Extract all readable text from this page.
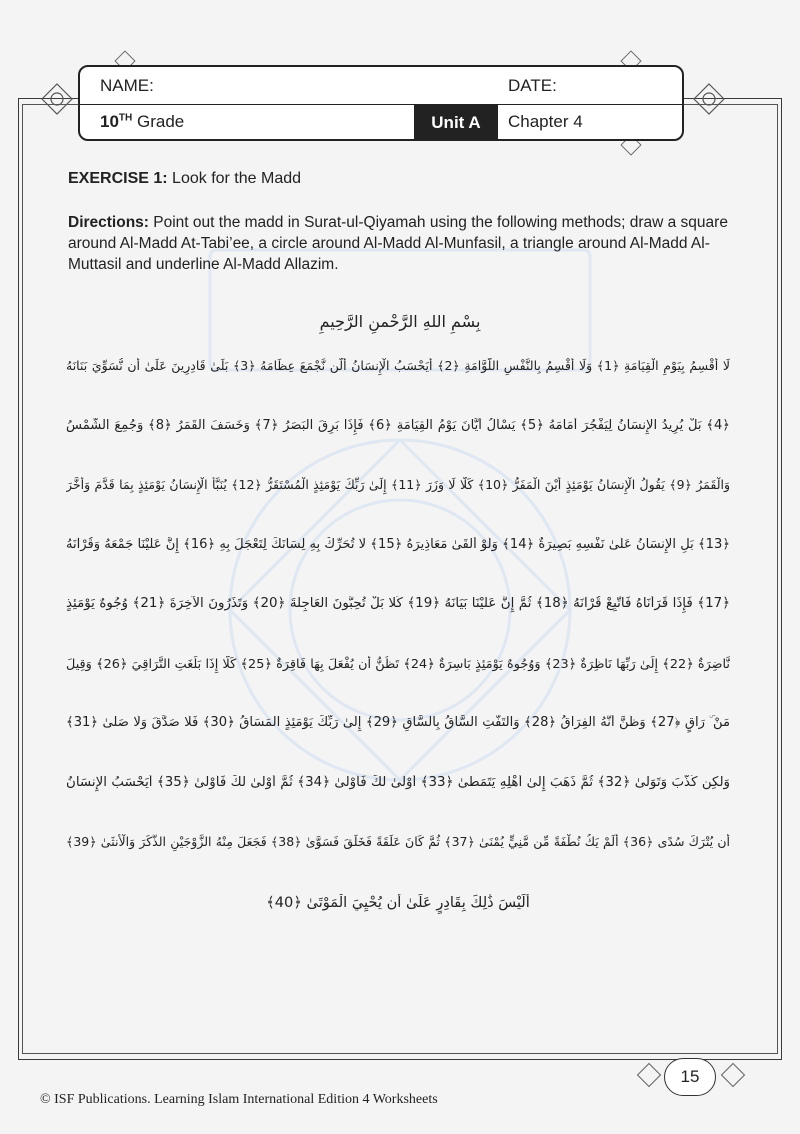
NAME:	DATE:
10TH Grade	Unit A	Chapter 4
EXERCISE 1: Look for the Madd
Directions: Point out the madd in Surat-ul-Qiyamah using the following methods; draw a square around Al-Madd At-Tabi’ee, a circle around Al-Madd Al-Munfasil, a triangle around Al-Madd Al-Muttasil and underline Al-Madd Allazim.
بِسْمِ اللهِ الرَّحْمنِ الرَّحِيمِ
لَا أُقْسِمُ بِيَوْمِ الْقِيَامَةِ ﴿1﴾ وَلَا أُقْسِمُ بِالنَّفْسِ اللَّوَّامَةِ ﴿2﴾ أَيَحْسَبُ الْإِنسَانُ أَلَّن نَّجْمَعَ عِظَامَهُ ﴿3﴾ بَلَىٰ قَادِرِينَ عَلَىٰ أَن نُّسَوِّيَ بَنَانَهُ
﴿4﴾ بَلْ يُرِيدُ الْإِنسَانُ لِيَفْجُرَ أَمَامَهُ ﴿5﴾ يَسْأَلُ أَيَّانَ يَوْمُ الْقِيَامَةِ ﴿6﴾ فَإِذَا بَرِقَ الْبَصَرُ ﴿7﴾ وَخَسَفَ الْقَمَرُ ﴿8﴾ وَجُمِعَ الشَّمْسُ
وَالْقَمَرُ ﴿9﴾ يَقُولُ الْإِنسَانُ يَوْمَئِذٍ أَيْنَ الْمَفَرُّ ﴿10﴾ كَلَّا لَا وَزَرَ ﴿11﴾ إِلَىٰ رَبِّكَ يَوْمَئِذٍ الْمُسْتَقَرُّ ﴿12﴾ يُنَبَّأُ الْإِنسَانُ يَوْمَئِذٍ بِمَا قَدَّمَ وَأَخَّرَ
﴿13﴾ بَلِ الْإِنسَانُ عَلَىٰ نَفْسِهِ بَصِيرَةٌ ﴿14﴾ وَلَوْ أَلْقَىٰ مَعَاذِيرَهُ ﴿15﴾ لَا تُحَرِّكْ بِهِ لِسَانَكَ لِتَعْجَلَ بِهِ ﴿16﴾ إِنَّ عَلَيْنَا جَمْعَهُ وَقُرْآنَهُ
﴿17﴾ فَإِذَا قَرَأْنَاهُ فَاتَّبِعْ قُرْآنَهُ ﴿18﴾ ثُمَّ إِنَّ عَلَيْنَا بَيَانَهُ ﴿19﴾ كَلَّا بَلْ تُحِبُّونَ الْعَاجِلَةَ ﴿20﴾ وَتَذَرُونَ الْآخِرَةَ ﴿21﴾ وُجُوهٌ يَوْمَئِذٍ
نَّاضِرَةٌ ﴿22﴾ إِلَىٰ رَبِّهَا نَاظِرَةٌ ﴿23﴾ وَوُجُوهٌ يَوْمَئِذٍ بَاسِرَةٌ ﴿24﴾ تَظُنُّ أَن يُفْعَلَ بِهَا فَاقِرَةٌ ﴿25﴾ كَلَّا إِذَا بَلَغَتِ التَّرَاقِيَ ﴿26﴾ وَقِيلَ
مَنْ ۜ رَاقٍ ﴿27﴾ وَظَنَّ أَنَّهُ الْفِرَاقُ ﴿28﴾ وَالْتَفَّتِ السَّاقُ بِالسَّاقِ ﴿29﴾ إِلَىٰ رَبِّكَ يَوْمَئِذٍ الْمَسَاقُ ﴿30﴾ فَلَا صَدَّقَ وَلَا صَلَّىٰ ﴿31﴾
وَلَٰكِن كَذَّبَ وَتَوَلَّىٰ ﴿32﴾ ثُمَّ ذَهَبَ إِلَىٰ أَهْلِهِ يَتَمَطَّىٰ ﴿33﴾ أَوْلَىٰ لَكَ فَأَوْلَىٰ ﴿34﴾ ثُمَّ أَوْلَىٰ لَكَ فَأَوْلَىٰ ﴿35﴾ أَيَحْسَبُ الْإِنسَانُ
أَن يُتْرَكَ سُدًى ﴿36﴾ أَلَمْ يَكُ نُطْفَةً مِّن مَّنِيٍّ يُمْنَىٰ ﴿37﴾ ثُمَّ كَانَ عَلَقَةً فَخَلَقَ فَسَوَّىٰ ﴿38﴾ فَجَعَلَ مِنْهُ الزَّوْجَيْنِ الذَّكَرَ وَالْأُنثَىٰ ﴿39﴾
أَلَيْسَ ذَٰلِكَ بِقَادِرٍ عَلَىٰ أَن يُحْيِيَ الْمَوْتَىٰ ﴿40﴾
15
© ISF Publications. Learning Islam International Edition 4 Worksheets
